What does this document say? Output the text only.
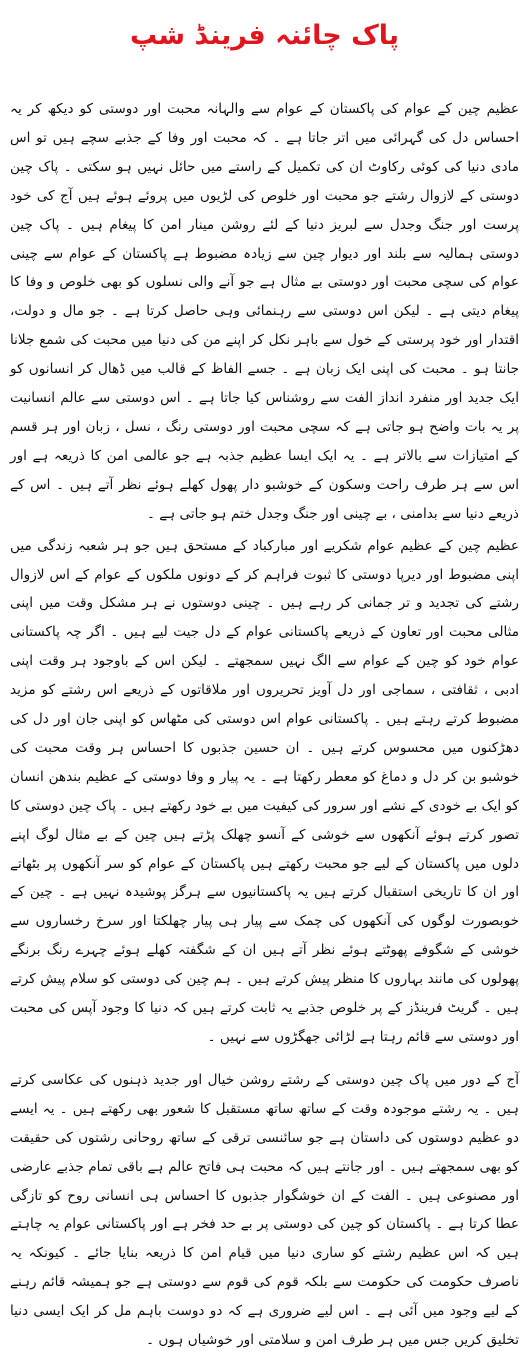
پاک چائنہ فرینڈ شپ

عظیم چین کے عوام کی پاکستان کے عوام سے والہانہ محبت اور دوستی کو دیکھ کر یہ احساس دل کی گہرائی میں اتر جاتا ہے ۔ کہ محبت اور وفا کے جذبے سچے ہیں تو اس مادی دنیا کی کوئی رکاوٹ ان کی تکمیل کے راستے میں حائل نہیں ہو سکتی ۔ پاک چین دوستی کے لازوال رشتے جو محبت اور خلوص کی لڑیوں میں پروئے ہوئے ہیں آج کی خود پرست اور جنگ وجدل سے لبریز دنیا کے لئے روشن مینار امن کا پیغام ہیں ۔ پاک چین دوستی ہمالیہ سے بلند اور دیوار چین سے زیادہ مضبوط ہے پاکستان کے عوام سے چینی عوام کی سچی محبت اور دوستی بے مثال ہے جو آنے والی نسلوں کو بھی خلوص و وفا کا پیغام دیتی ہے ۔ لیکن اس دوستی سے رہنمائی وہی حاصل کرتا ہے ۔ جو مال و دولت، اقتدار اور خود پرستی کے خول سے باہر نکل کر اپنے من کی دنیا میں محبت کی شمع جلانا جانتا ہو ۔ محبت کی اپنی ایک زبان ہے ۔ جسے الفاظ کے قالب میں ڈھال کر انسانوں کو ایک جدید اور منفرد انداز الفت سے روشناس کیا جاتا ہے ۔ اس دوستی سے عالم انسانیت پر یہ بات واضح ہو جاتی ہے کہ سچی محبت اور دوستی رنگ ، نسل ، زبان اور ہر قسم کے امتیازات سے بالاتر ہے ۔ یہ ایک ایسا عظیم جذبہ ہے جو عالمی امن کا ذریعہ ہے اور اس سے ہر طرف راحت وسکون کے خوشبو دار پھول کھلے ہوئے نظر آتے ہیں ۔ اس کے ذریعے دنیا سے بدامنی ، بے چینی اور جنگ وجدل ختم ہو جاتی ہے ۔

عظیم چین کے عظیم عوام شکریے اور مبارکباد کے مستحق ہیں جو ہر شعبہ زندگی میں اپنی مضبوط اور دیرپا دوستی کا ثبوت فراہم کر کے دونوں ملکوں کے عوام کے اس لازوال رشتے کی تجدید و تر جمانی کر رہے ہیں ۔ چینی دوستوں نے ہر مشکل وقت میں اپنی مثالی محبت اور تعاون کے ذریعے پاکستانی عوام کے دل جیت لیے ہیں ۔ اگر چہ پاکستانی عوام خود کو چین کے عوام سے الگ نہیں سمجھتے ۔ لیکن اس کے باوجود ہر وقت اپنی ادبی ، ثقافتی ، سماجی اور دل آویز تحریروں اور ملاقاتوں کے ذریعے اس رشتے کو مزید مضبوط کرتے رہتے ہیں ۔ پاکستانی عوام اس دوستی کی مٹھاس کو اپنی جان اور دل کی دھڑکنوں میں محسوس کرتے ہیں ۔ ان حسین جذبوں کا احساس ہر وقت محبت کی خوشبو بن کر دل و دماغ کو معطر رکھتا ہے ۔ یہ پیار و وفا دوستی کے عظیم بندھن انسان کو ایک بے خودی کے نشے اور سرور کی کیفیت میں بے خود رکھتے ہیں ۔ پاک چین دوستی کا تصور کرتے ہوئے آنکھوں سے خوشی کے آنسو چھلک پڑتے ہیں چین کے بے مثال لوگ اپنے دلوں میں پاکستان کے لیے جو محبت رکھتے ہیں پاکستان کے عوام کو سر آنکھوں پر بٹھاتے اور ان کا تاریخی استقبال کرتے ہیں یہ پاکستانیوں سے ہرگز پوشیدہ نہیں ہے ۔ چین کے خوبصورت لوگوں کی آنکھوں کی چمک سے پیار ہی پیار چھلکتا اور سرخ رخساروں سے خوشی کے شگوفے پھوٹتے ہوئے نظر آتے ہیں ان کے شگفتہ کھلے ہوئے چہرے رنگ برنگے پھولوں کی مانند بہاروں کا منظر پیش کرتے ہیں ۔ ہم چین کی دوستی کو سلام پیش کرتے ہیں ۔ گریٹ فرینڈز کے پر خلوص جذبے یہ ثابت کرتے ہیں کہ دنیا کا وجود آپس کی محبت اور دوستی سے قائم رہتا ہے لڑائی جھگڑوں سے نہیں ۔

آج کے دور میں پاک چین دوستی کے رشتے روشن خیال اور جدید ذہنوں کی عکاسی کرتے ہیں ۔ یہ رشتے موجودہ وقت کے ساتھ ساتھ مستقبل کا شعور بھی رکھتے ہیں ۔ یہ ایسے دو عظیم دوستوں کی داستان ہے جو سائنسی ترقی کے ساتھ روحانی رشتوں کی حقیقت کو بھی سمجھتے ہیں ۔ اور جانتے ہیں کہ محبت ہی فاتح عالم ہے باقی تمام جذبے عارضی اور مصنوعی ہیں ۔ الفت کے ان خوشگوار جذبوں کا احساس ہی انسانی روح کو تازگی عطا کرتا ہے ۔ پاکستان کو چین کی دوستی پر بے حد فخر ہے اور پاکستانی عوام یہ چاہتے ہیں کہ اس عظیم رشتے کو ساری دنیا میں قیام امن کا ذریعہ بنایا جائے ۔ کیونکہ یہ ناصرف حکومت کی حکومت سے بلکہ قوم کی قوم سے دوستی ہے جو ہمیشہ قائم رہنے کے لیے وجود میں آئی ہے ۔ اس لیے ضروری ہے کہ دو دوست باہم مل کر ایک ایسی دنیا تخلیق کریں جس میں ہر طرف امن و سلامتی اور خوشیاں ہوں ۔
